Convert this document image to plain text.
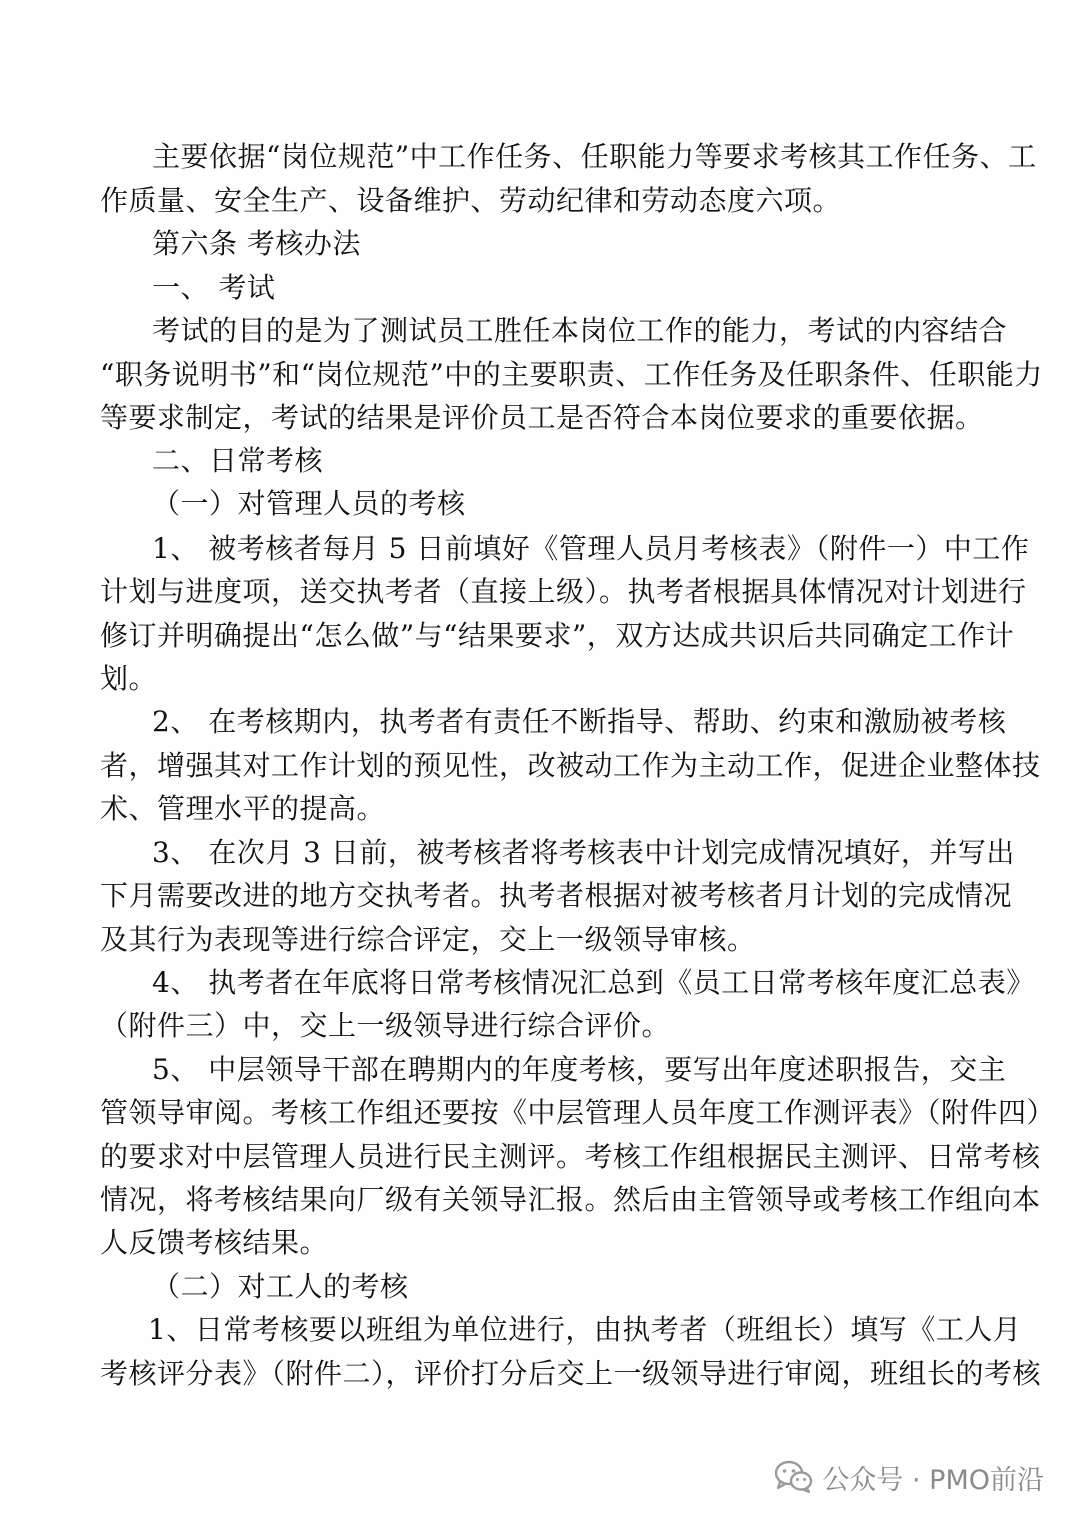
主要依据“岗位规范”中工作任务、任职能力等要求考核其工作任务、工
作质量、安全生产、设备维护、劳动纪律和劳动态度六项。
第六条 考核办法
一、 考试
考试的目的是为了测试员工胜任本岗位工作的能力，考试的内容结合
“职务说明书”和“岗位规范”中的主要职责、工作任务及任职条件、任职能力
等要求制定，考试的结果是评价员工是否符合本岗位要求的重要依据。
二、日常考核
（一）对管理人员的考核
1、 被考核者每月 5 日前填好《管理人员月考核表》（附件一）中工作
计划与进度项，送交执考者（直接上级）。执考者根据具体情况对计划进行
修订并明确提出“怎么做”与“结果要求”，双方达成共识后共同确定工作计
划。
2、 在考核期内，执考者有责任不断指导、帮助、约束和激励被考核
者，增强其对工作计划的预见性，改被动工作为主动工作，促进企业整体技
术、管理水平的提高。
3、 在次月 3 日前，被考核者将考核表中计划完成情况填好，并写出
下月需要改进的地方交执考者。执考者根据对被考核者月计划的完成情况
及其行为表现等进行综合评定，交上一级领导审核。
4、 执考者在年底将日常考核情况汇总到《员工日常考核年度汇总表》
（附件三）中，交上一级领导进行综合评价。
5、 中层领导干部在聘期内的年度考核，要写出年度述职报告，交主
管领导审阅。考核工作组还要按《中层管理人员年度工作测评表》（附件四）
的要求对中层管理人员进行民主测评。考核工作组根据民主测评、日常考核
情况，将考核结果向厂级有关领导汇报。然后由主管领导或考核工作组向本
人反馈考核结果。
（二）对工人的考核
1、日常考核要以班组为单位进行，由执考者（班组长）填写《工人月
考核评分表》（附件二），评价打分后交上一级领导进行审阅，班组长的考核
公众号 · PMO前沿
